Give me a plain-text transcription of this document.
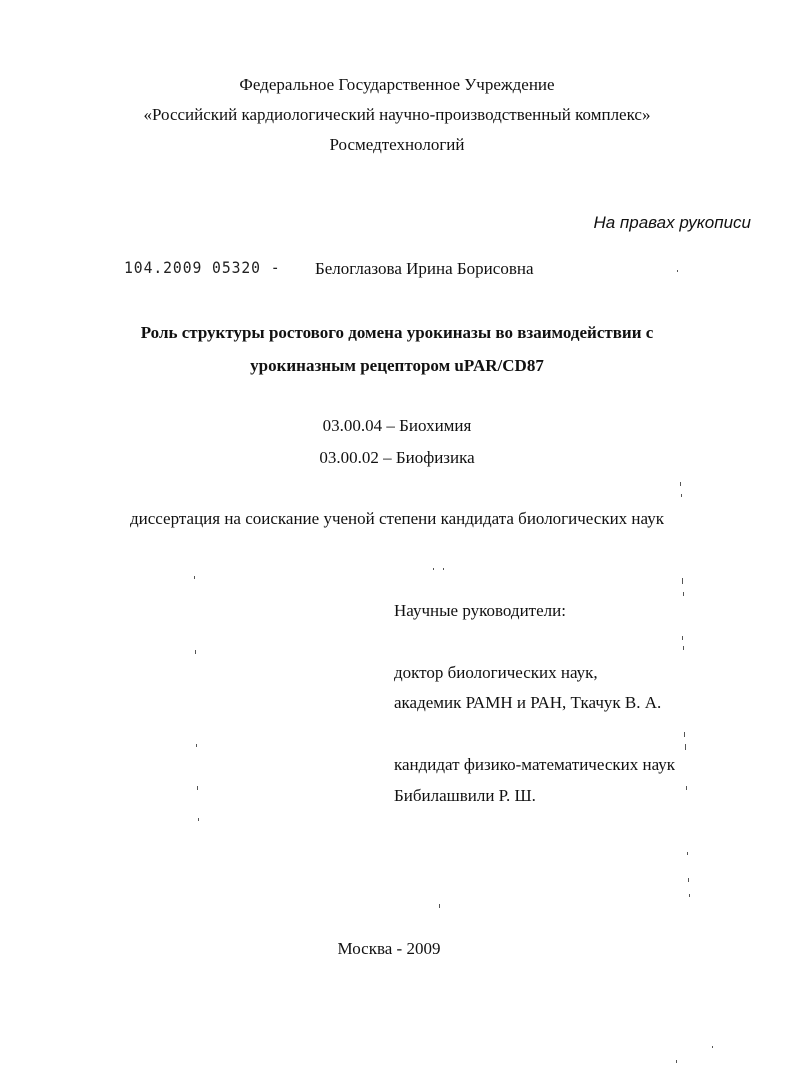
Федеральное Государственное Учреждение
«Российский кардиологический научно-производственный комплекс»
Росмедтехнологий
На правах рукописи
104.2009 05320 - Белоглазова Ирина Борисовна
Роль структуры ростового домена урокиназы во взаимодействии с
урокиназным рецептором uPAR/CD87
03.00.04 – Биохимия
03.00.02 – Биофизика
диссертация на соискание ученой степени кандидата биологических наук
Научные руководители:
доктор биологических наук,
академик РАМН и РАН, Ткачук В. А.
кандидат физико-математических наук
Бибилашвили Р. Ш.
Москва - 2009
